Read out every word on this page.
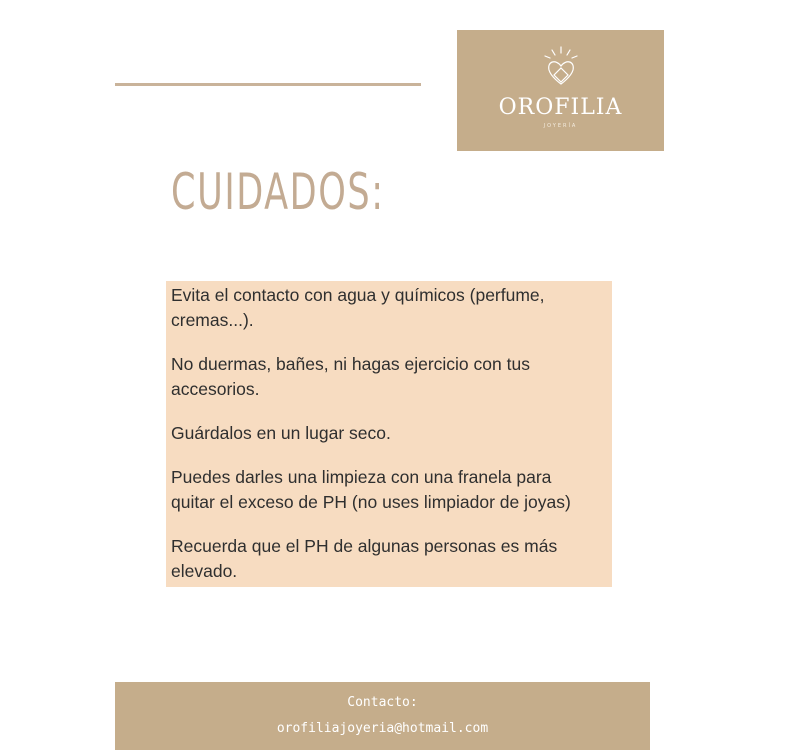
OROFILIA
JOYERÍA
CUIDADOS:
Evita el contacto con agua y químicos (perfume,
cremas...).
No duermas, bañes, ni hagas ejercicio con tus
accesorios.
Guárdalos en un lugar seco.
Puedes darles una limpieza con una franela para
quitar el exceso de PH (no uses limpiador de joyas)
Recuerda que el PH de algunas personas es más
elevado.
Contacto:
orofiliajoyeria@hotmail.com
